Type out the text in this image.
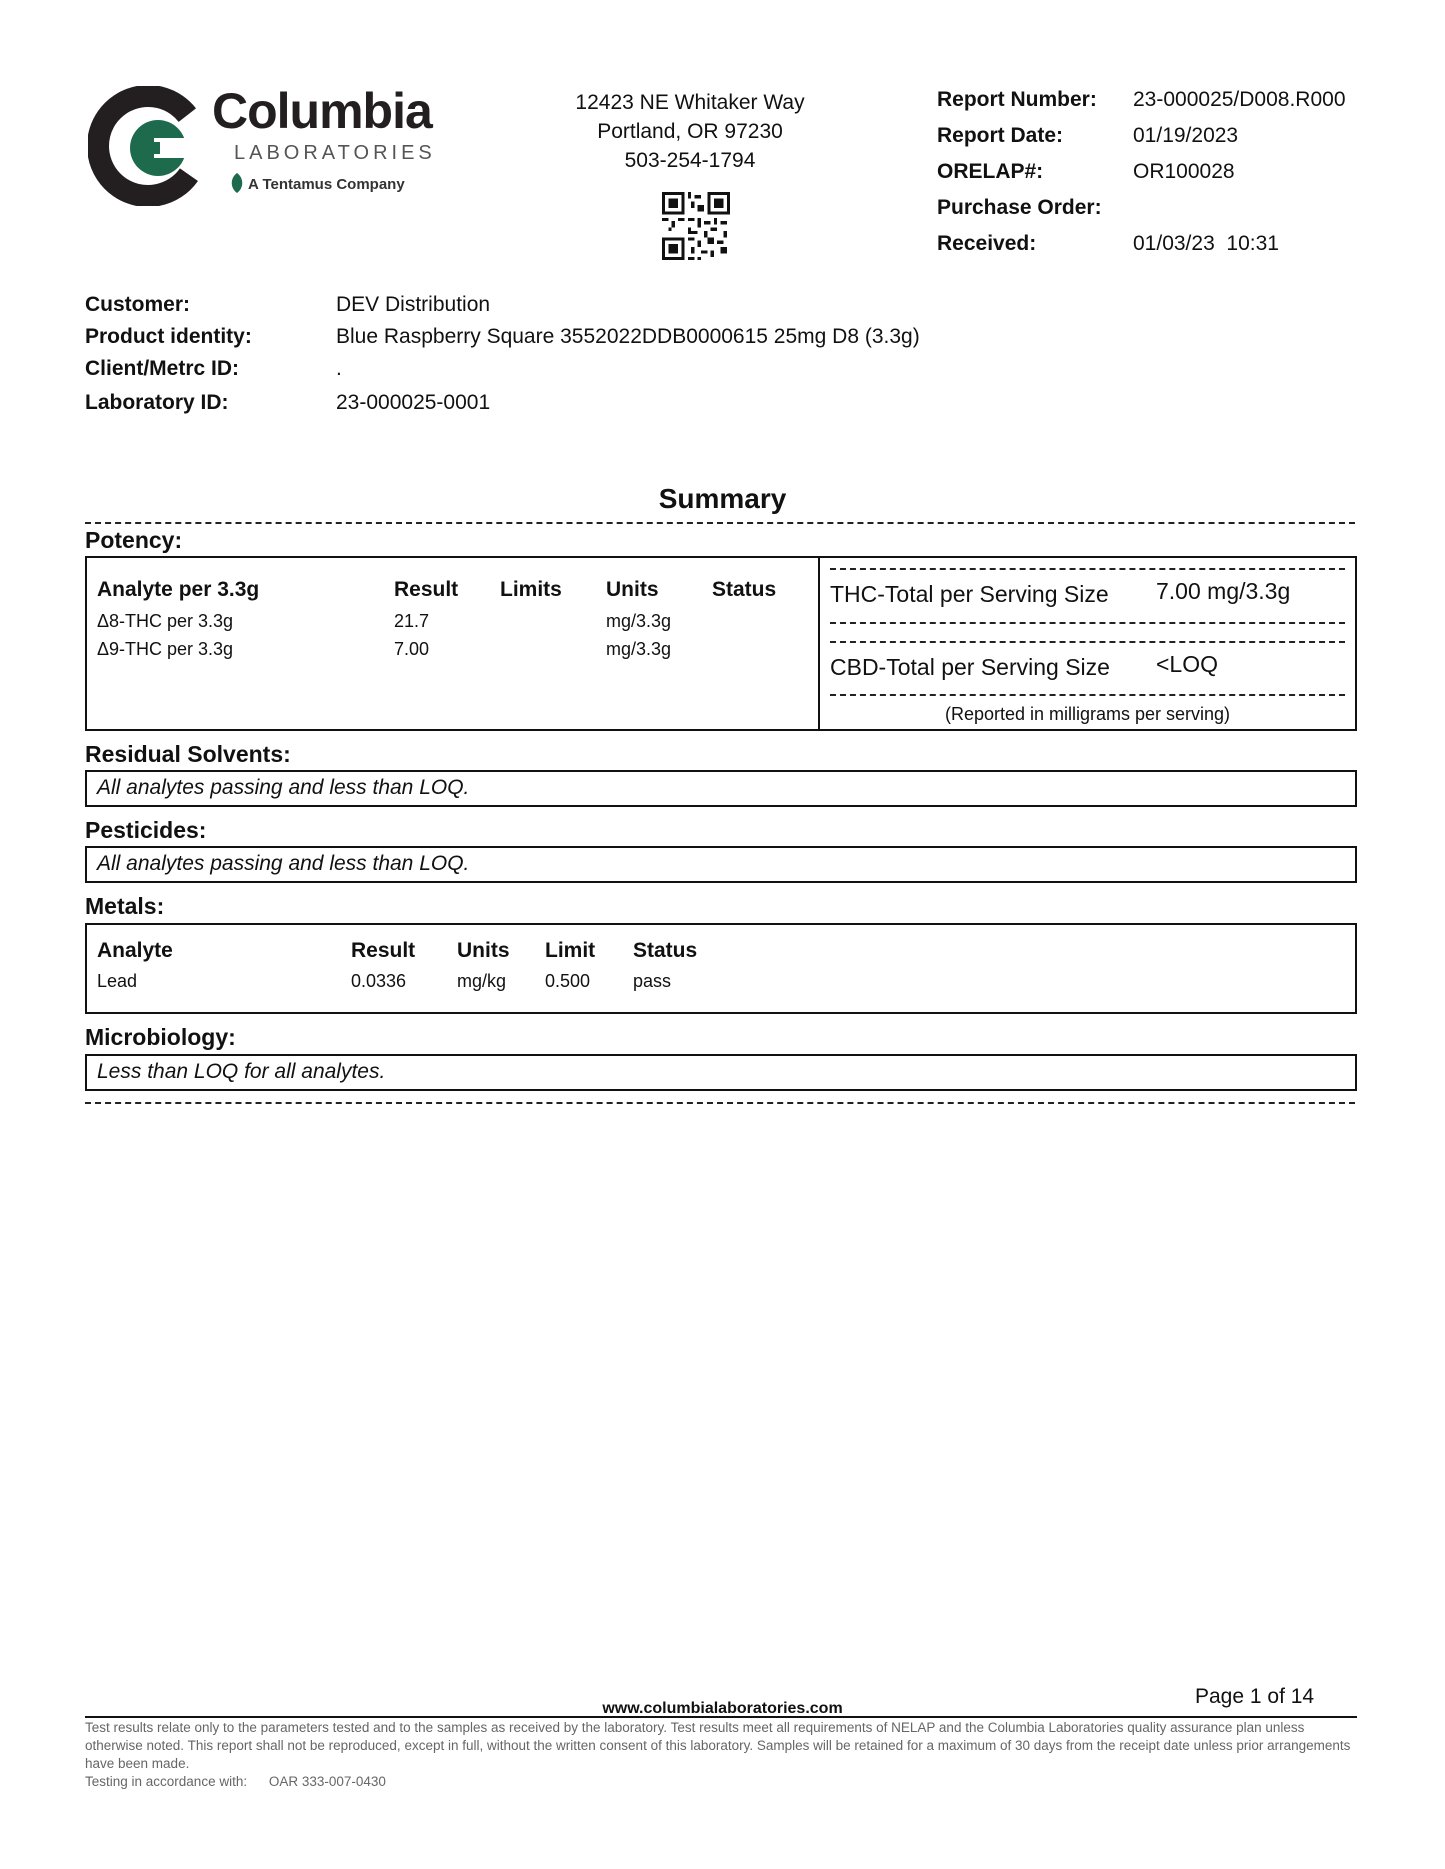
Columbia
LABORATORIES
A Tentamus Company
12423 NE Whitaker Way
Portland, OR 97230
503-254-1794
Report Number: 23-000025/D008.R000
Report Date:	01/19/2023
ORELAP#:	OR100028
Purchase Order:
Received:	01/03/23  10:31
Customer:	DEV Distribution
Product identity:	Blue Raspberry Square 3552022DDB0000615 25mg D8 (3.3g)
Client/Metrc ID:	.
Laboratory ID:	23-000025-0001
Summary
Potency:
Analyte per 3.3g	Result Limits Units	Status
Δ8-THC per 3.3g	21.7	mg/3.3g
Δ9-THC per 3.3g	7.00	mg/3.3g
THC-Total per Serving Size 7.00 mg/3.3g
CBD-Total per Serving Size <LOQ
(Reported in milligrams per serving)
Residual Solvents:
All analytes passing and less than LOQ.
Pesticides:
All analytes passing and less than LOQ.
Metals:
Analyte	Result Units Limit Status
Lead	0.0336	mg/kg 0.500 pass
Microbiology:
Less than LOQ for all analytes.
Page 1 of 14
www.columbialaboratories.com
Test results relate only to the parameters tested and to the samples as received by the laboratory. Test results meet all requirements of NELAP and the Columbia Laboratories quality assurance plan unless otherwise noted. This report shall not be reproduced, except in full, without the written consent of this laboratory. Samples will be retained for a maximum of 30 days from the receipt date unless prior arrangements have been made.
Testing in accordance with: OAR 333-007-0430
